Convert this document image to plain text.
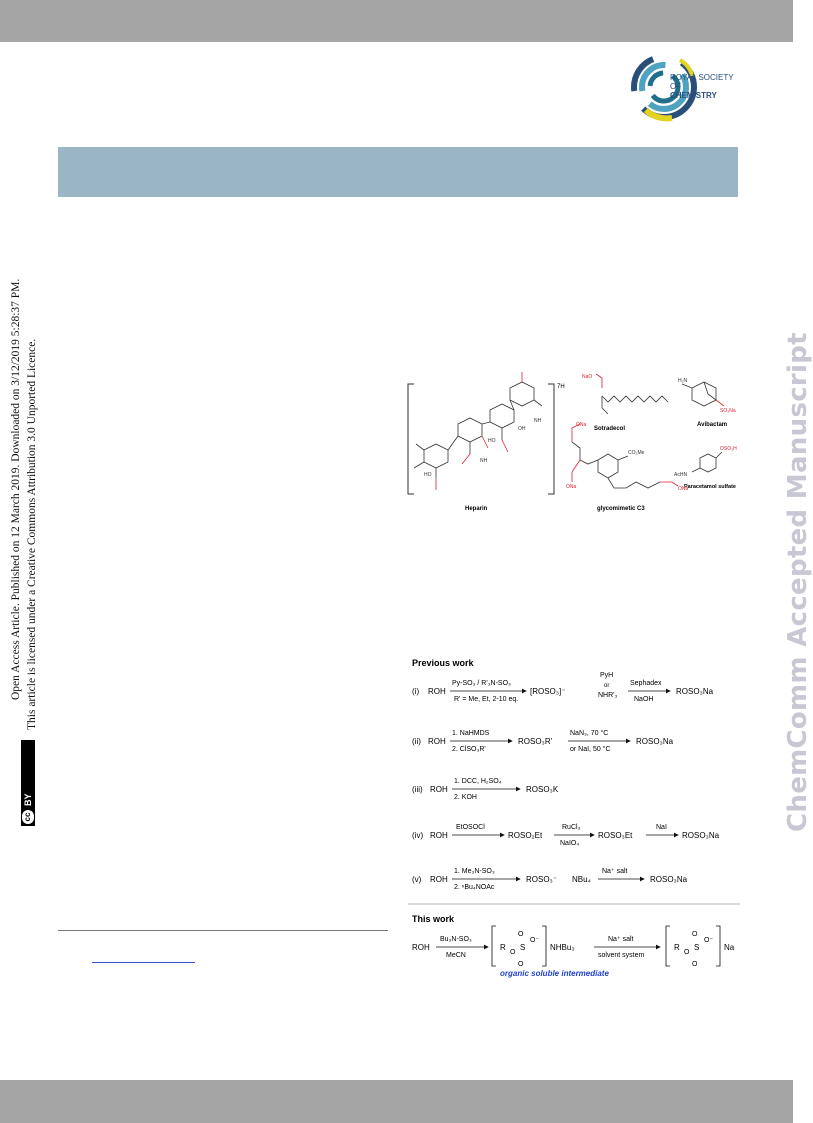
ROYAL SOCIETY
OF
CHEMISTRY
Open Access Article. Published on 12 March 2019. Downloaded on 3/12/2019 5:28:37 PM. This article is licensed under a Creative Commons Attribution 3.0 Unported Licence.
cc
BY	ChemComm Accepted Manuscript
7H
HO
HO
OH
NH
NH
Heparin
NaO
Sotradecol
H₂N
SO₃Na
Avibactam
AcHN
OSO₃H
Paracetamol sulfate
CO₂Me
ONa
ONa	ONa
glycomimetic C3
Previous work
(i) ROH
Py-SO₃ / R'₃N-SO₃
R' = Me, Et, 2-10 eq.
[ROSO₃]⁻
PyH
or
NHR'₃
Sephadex
NaOH
ROSO₃Na
(ii) ROH
1. NaHMDS
2. ClSO₃R'
ROSO₃R'
NaN₃, 70 °C
or NaI, 50 °C
ROSO₃Na
(iii) ROH
1. DCC, H₂SO₄
2. KOH
ROSO₃K
(iv) ROH
EtOSOCl
ROSO₂Et
RuCl₃
NaIO₄
ROSO₃Et
NaI
ROSO₃Na
(v) ROH
1. Me₃N-SO₃
2. ⁿBu₄NOAc
ROSO₃⁻ NBu₄
Na⁺ salt
ROSO₃Na
This work
ROH
Bu₃N-SO₃
MeCN
R
O
S
O
O
O⁻
NHBu₃
Na⁺ salt
solvent system
R
O
S
O
O
O⁻
Na
organic soluble intermediate
